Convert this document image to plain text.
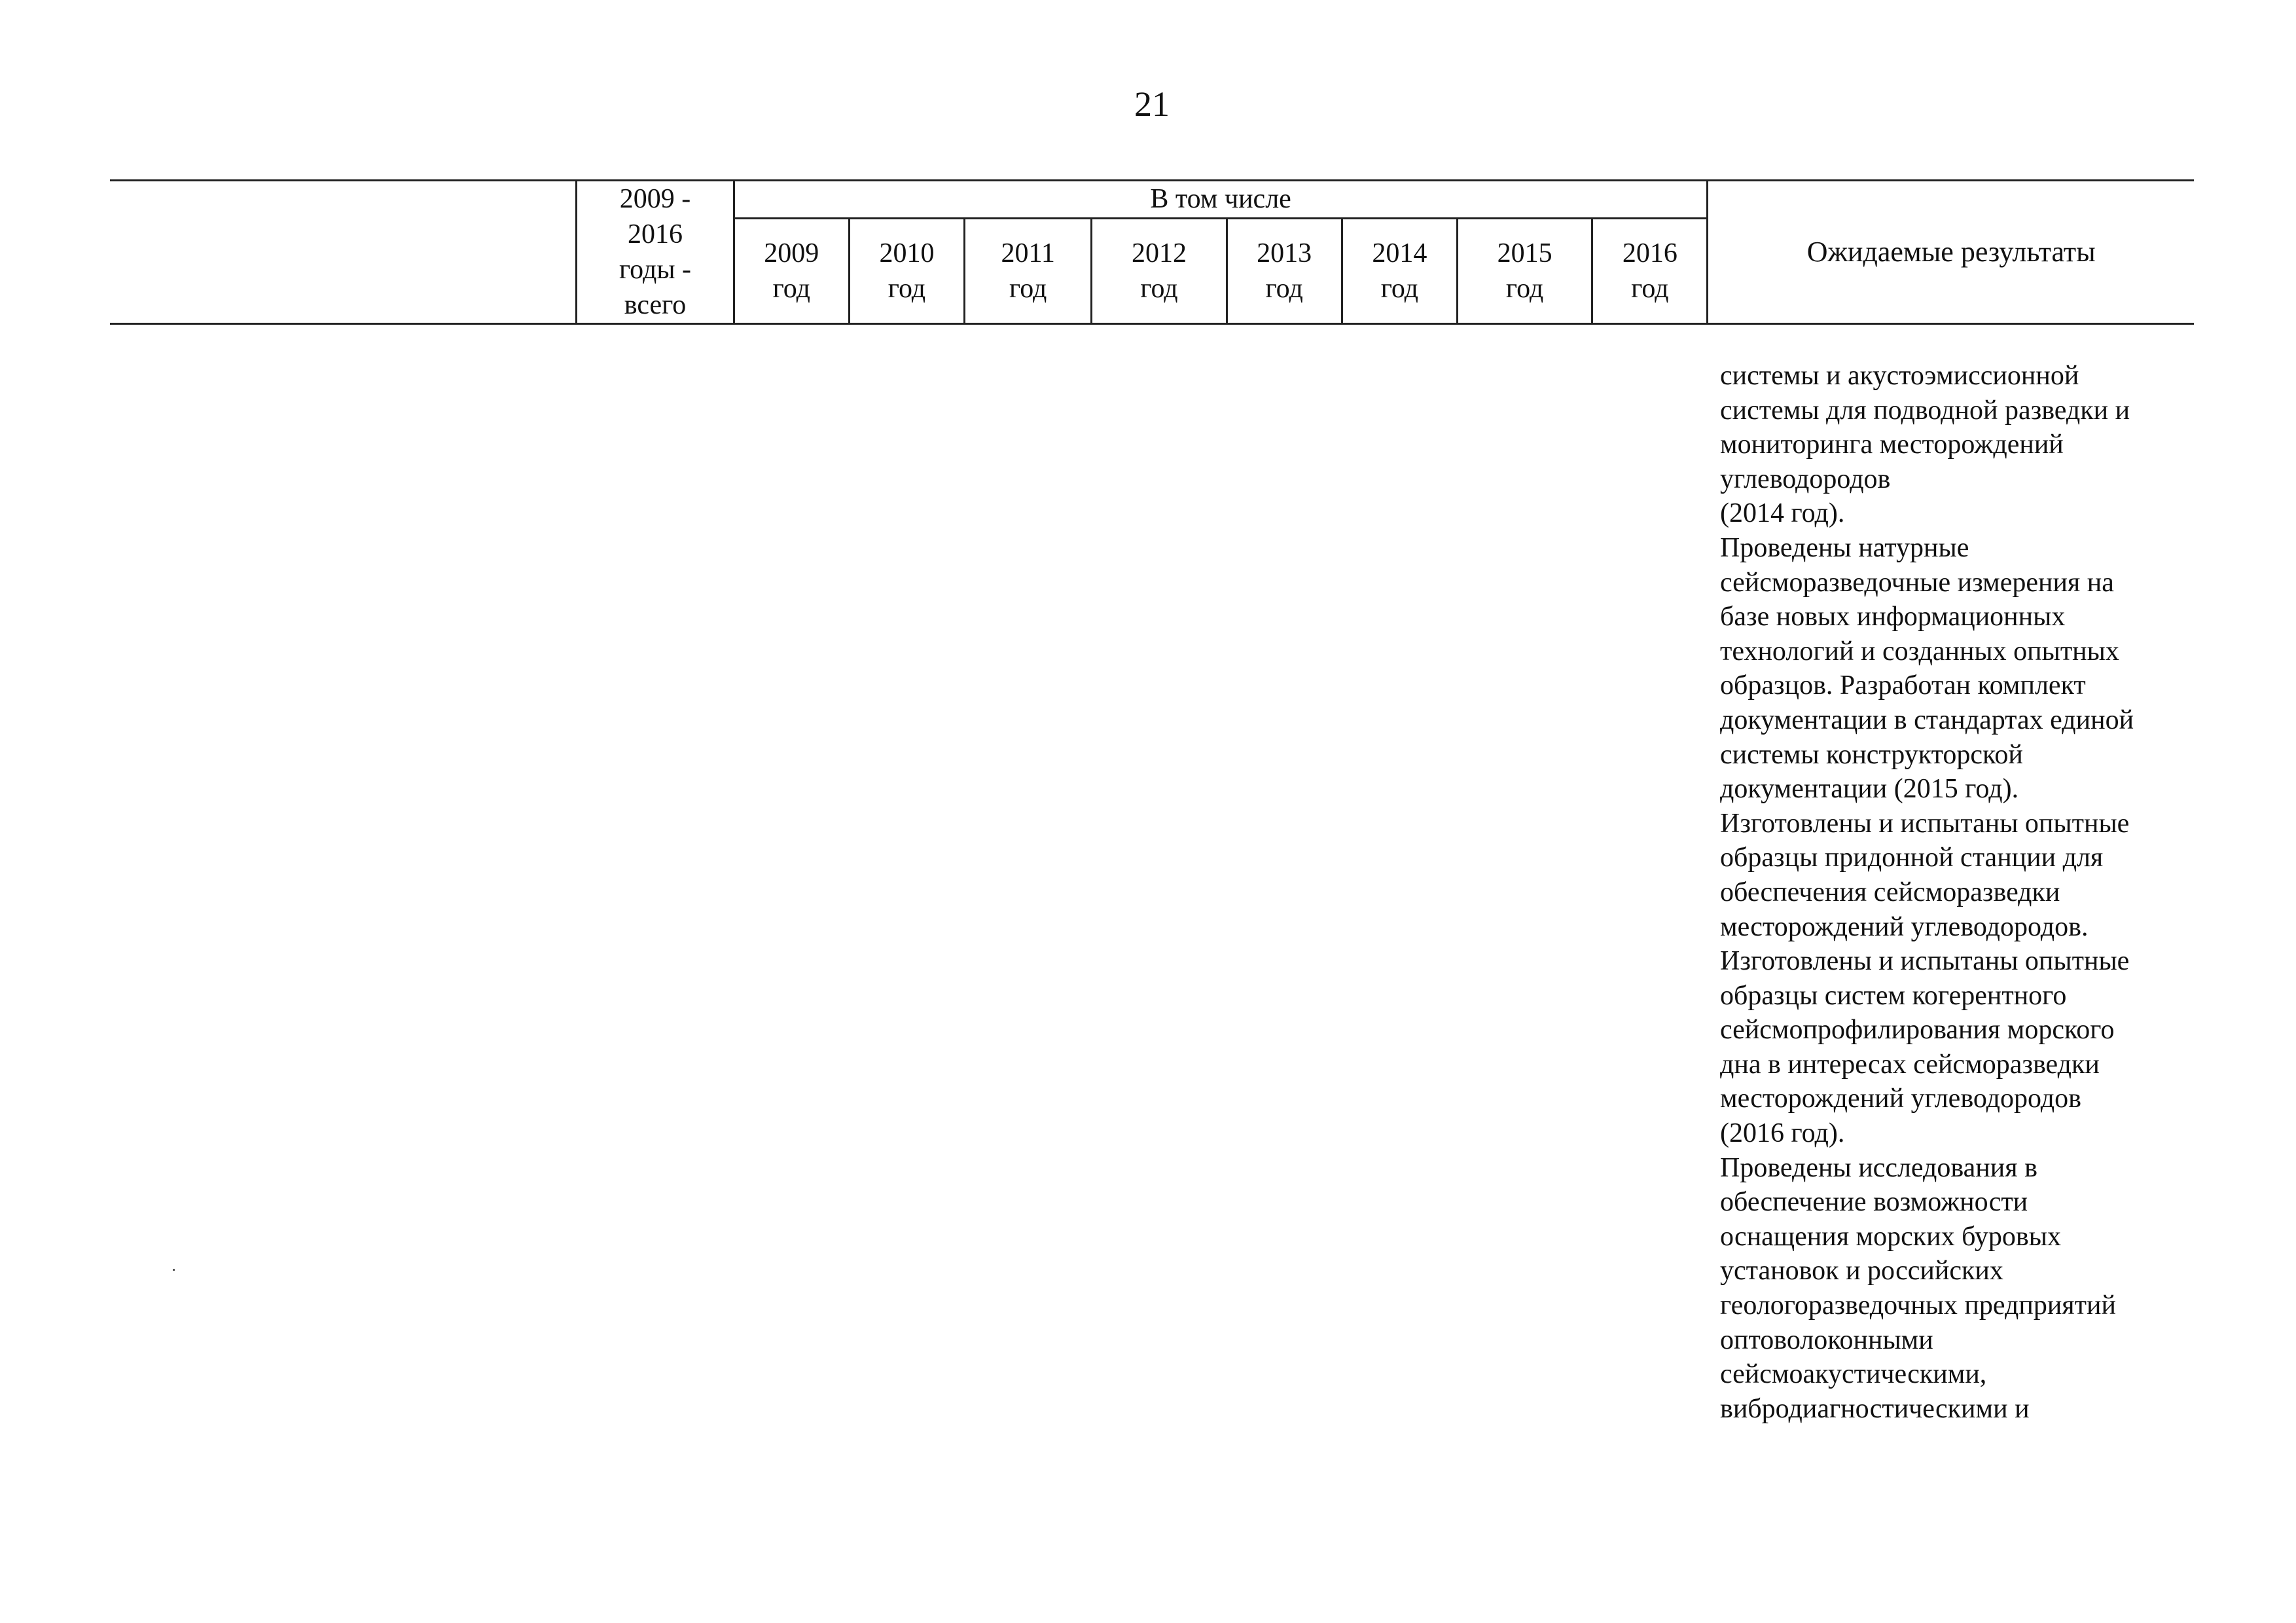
21

	2009 -
2016
годы -
всего	В том числе								Ожидаемые результаты

		2009
год	2010
год	2011
год	2012
год	2013
год	2014
год	2015
год	2016
год	
системы и акустоэмиссионной
системы для подводной разведки и
мониторинга месторождений
углеводородов
(2014 год).
Проведены натурные
сейсморазведочные измерения на
базе новых информационных
технологий и созданных опытных
образцов. Разработан комплект
документации в стандартах единой
системы конструкторской
документации (2015 год).
Изготовлены и испытаны опытные
образцы придонной станции для
обеспечения сейсморазведки
месторождений углеводородов.
Изготовлены и испытаны опытные
образцы систем когерентного
сейсмопрофилирования морского
дна в интересах сейсморазведки
месторождений углеводородов
(2016 год).
Проведены исследования в
обеспечение возможности
оснащения морских буровых
установок и российских
геологоразведочных предприятий
оптоволоконными
сейсмоакустическими,
вибродиагностическими и
